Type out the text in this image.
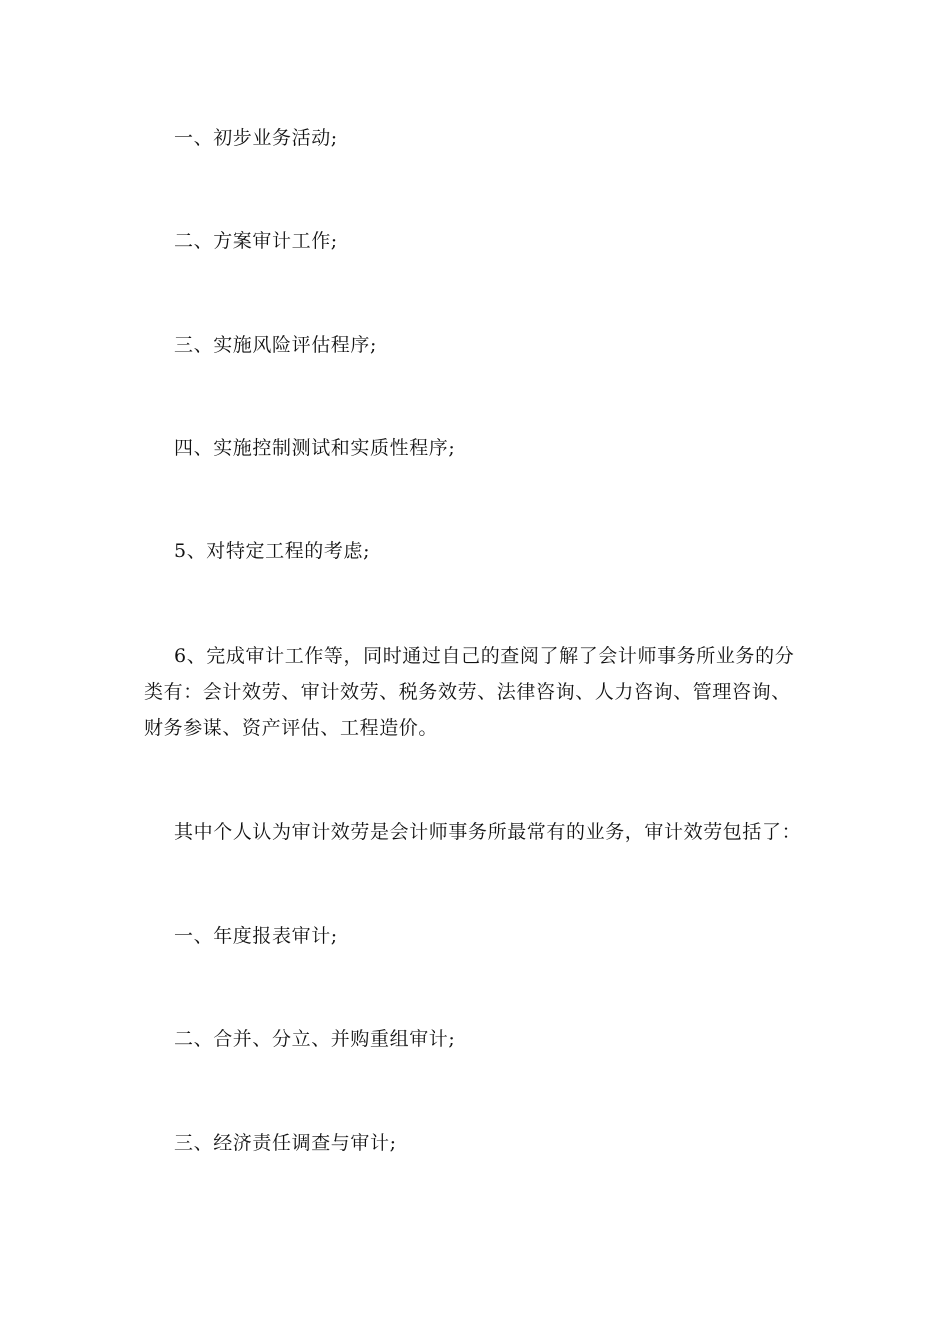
一、初步业务活动;
二、方案审计工作;
三、实施风险评估程序;
四、实施控制测试和实质性程序;
5、对特定工程的考虑;
6、完成审计工作等，同时通过自己的查阅了解了会计师事务所业务的分类有：会计效劳、审计效劳、税务效劳、法律咨询、人力咨询、管理咨询、财务参谋、资产评估、工程造价。
其中个人认为审计效劳是会计师事务所最常有的业务，审计效劳包括了：
一、年度报表审计;
二、合并、分立、并购重组审计;
三、经济责任调查与审计;
